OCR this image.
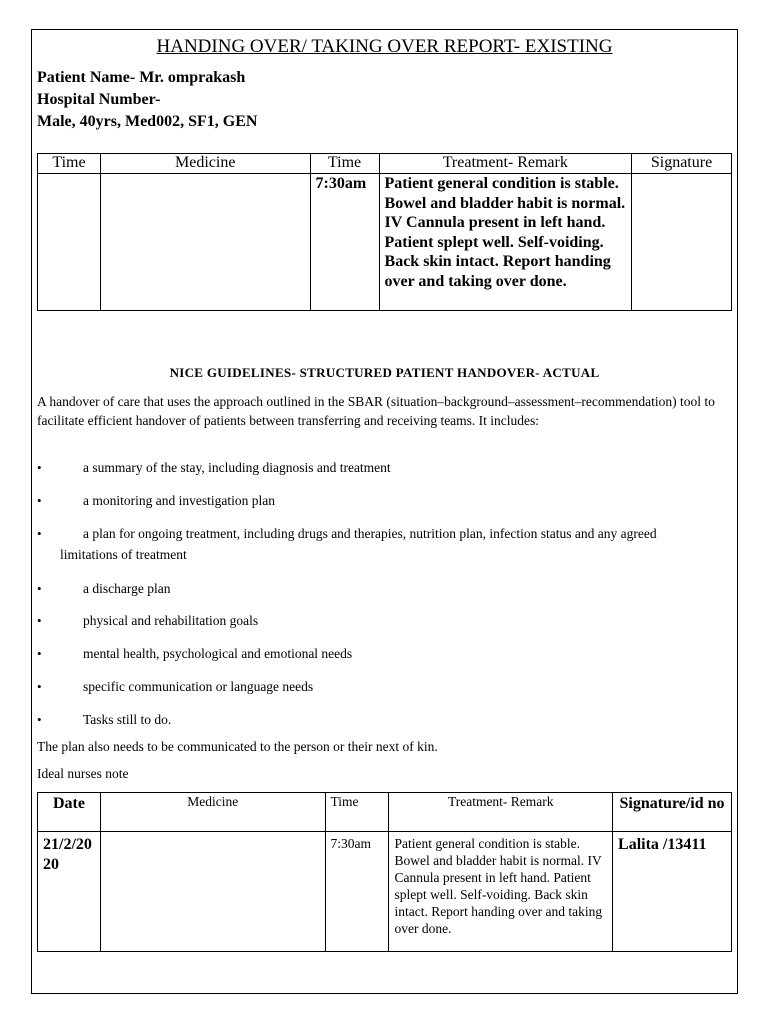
HANDING OVER/ TAKING OVER REPORT- EXISTING
Patient Name- Mr. omprakash
Hospital Number-
Male, 40yrs, Med002, SF1, GEN
Time	Medicine	Time	Treatment- Remark	Signature
		7:30am	Patient general condition is stable. Bowel and bladder habit is normal. IV Cannula present in left hand. Patient splept well. Self-voiding. Back skin intact. Report handing over and taking over done.	
NICE GUIDELINES- STRUCTURED PATIENT HANDOVER- ACTUAL
A handover of care that uses the approach outlined in the SBAR (situation–background–assessment–recommendation) tool to facilitate efficient handover of patients between transferring and receiving teams. It includes:
•	a summary of the stay, including diagnosis and treatment
•	a monitoring and investigation plan
•	a plan for ongoing treatment, including drugs and therapies, nutrition plan, infection status and any agreed limitations of treatment
•	a discharge plan
•	physical and rehabilitation goals
•	mental health, psychological and emotional needs
•	specific communication or language needs
•	Tasks still to do.
The plan also needs to be communicated to the person or their next of kin.
Ideal nurses note
Date	Medicine	Time	Treatment- Remark	Signature/id no
21/2/2020		7:30am	Patient general condition is stable. Bowel and bladder habit is normal. IV Cannula present in left hand. Patient splept well. Self-voiding. Back skin intact. Report handing over and taking over done.	Lalita /13411
